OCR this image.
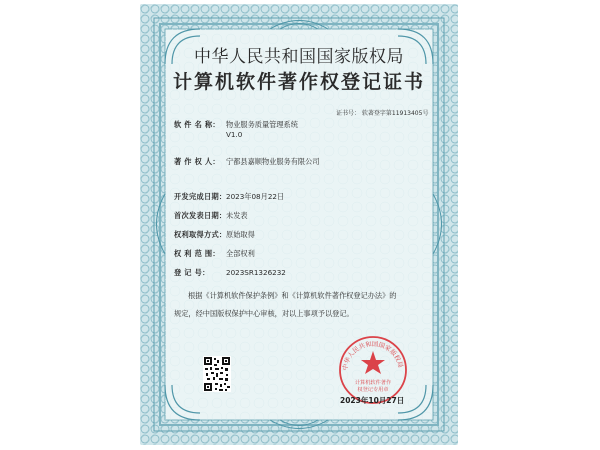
中华人民共和国国家版权局
计算机软件著作权登记证书
证书号： 软著登字第11913405号
软 件 名 称： 物业服务质量管理系统
V1.0
著 作 权 人： 宁都县嘉顺物业服务有限公司
开发完成日期：2023年08月22日
首次发表日期：未发表
权利取得方式：原始取得
权 利 范 围： 全部权利
登 记 号： 2023SR1326232
根据《计算机软件保护条例》和《计算机软件著作权登记办法》的
规定，经中国版权保护中心审核，对以上事项予以登记。
中华人民共和国国家版权局
计算机软件著作
权登记专用章
2023年10月27日
